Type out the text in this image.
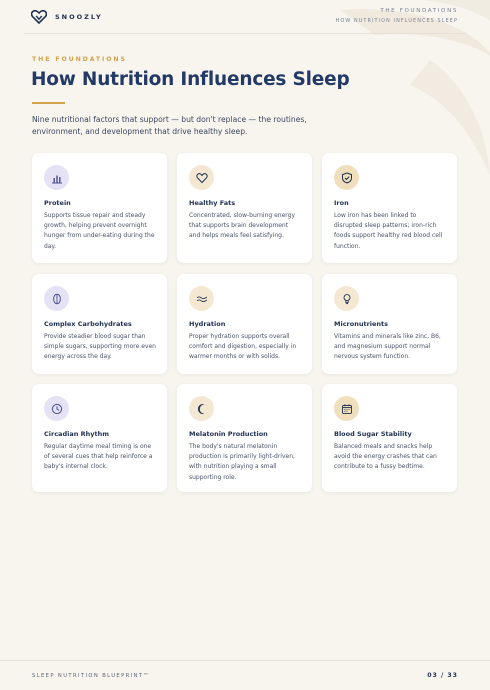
SNOOZLY
THE FOUNDATIONS
HOW NUTRITION INFLUENCES SLEEP
THE FOUNDATIONS
How Nutrition Influences Sleep
Nine nutritional factors that support — but don't replace — the routines, environment, and development that drive healthy sleep.
Protein
Supports tissue repair and steady growth, helping prevent overnight hunger from under-eating during the day.
Healthy Fats
Concentrated, slow-burning energy that supports brain development and helps meals feel satisfying.
Iron
Low iron has been linked to disrupted sleep patterns; iron-rich foods support healthy red blood cell function.
Complex Carbohydrates
Provide steadier blood sugar than simple sugars, supporting more even energy across the day.
Hydration
Proper hydration supports overall comfort and digestion, especially in warmer months or with solids.
Micronutrients
Vitamins and minerals like zinc, B6, and magnesium support normal nervous system function.
Circadian Rhythm
Regular daytime meal timing is one of several cues that help reinforce a baby's internal clock.
Melatonin Production
The body's natural melatonin production is primarily light-driven, with nutrition playing a small supporting role.
Blood Sugar Stability
Balanced meals and snacks help avoid the energy crashes that can contribute to a fussy bedtime.
SLEEP NUTRITION BLUEPRINT™	03 / 33
